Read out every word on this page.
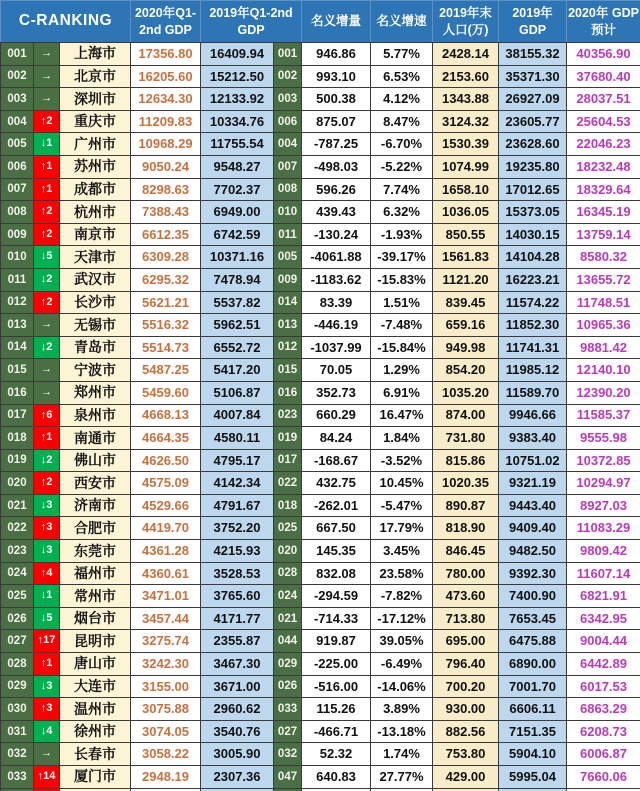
C-RANKING			2020年Q1-2nd GDP	2019年Q1-2nd GDP		名义增量	名义增速	2019年末 人口(万)	2019年 GDP	2020年 GDP预计
001	→	上海市	17356.80	16409.94	001	946.86	5.77%	2428.14	38155.32	40356.90
002	→	北京市	16205.60	15212.50	002	993.10	6.53%	2153.60	35371.30	37680.40
003	→	深圳市	12634.30	12133.92	003	500.38	4.12%	1343.88	26927.09	28037.51
004	↑2	重庆市	11209.83	10334.76	006	875.07	8.47%	3124.32	23605.77	25604.53
005	↓1	广州市	10968.29	11755.54	004	-787.25	-6.70%	1530.39	23628.60	22046.23
006	↑1	苏州市	9050.24	9548.27	007	-498.03	-5.22%	1074.99	19235.80	18232.48
007	↑1	成都市	8298.63	7702.37	008	596.26	7.74%	1658.10	17012.65	18329.64
008	↑2	杭州市	7388.43	6949.00	010	439.43	6.32%	1036.05	15373.05	16345.19
009	↑2	南京市	6612.35	6742.59	011	-130.24	-1.93%	850.55	14030.15	13759.14
010	↓5	天津市	6309.28	10371.16	005	-4061.88	-39.17%	1561.83	14104.28	8580.32
011	↓2	武汉市	6295.32	7478.94	009	-1183.62	-15.83%	1121.20	16223.21	13655.72
012	↑2	长沙市	5621.21	5537.82	014	83.39	1.51%	839.45	11574.22	11748.51
013	→	无锡市	5516.32	5962.51	013	-446.19	-7.48%	659.16	11852.30	10965.36
014	↓2	青岛市	5514.73	6552.72	012	-1037.99	-15.84%	949.98	11741.31	9881.42
015	→	宁波市	5487.25	5417.20	015	70.05	1.29%	854.20	11985.12	12140.10
016	→	郑州市	5459.60	5106.87	016	352.73	6.91%	1035.20	11589.70	12390.20
017	↑6	泉州市	4668.13	4007.84	023	660.29	16.47%	874.00	9946.66	11585.37
018	↑1	南通市	4664.35	4580.11	019	84.24	1.84%	731.80	9383.40	9555.98
019	↓2	佛山市	4626.50	4795.17	017	-168.67	-3.52%	815.86	10751.02	10372.85
020	↑2	西安市	4575.09	4142.34	022	432.75	10.45%	1020.35	9321.19	10294.97
021	↓3	济南市	4529.66	4791.67	018	-262.01	-5.47%	890.87	9443.40	8927.03
022	↑3	合肥市	4419.70	3752.20	025	667.50	17.79%	818.90	9409.40	11083.29
023	↓3	东莞市	4361.28	4215.93	020	145.35	3.45%	846.45	9482.50	9809.42
024	↑4	福州市	4360.61	3528.53	028	832.08	23.58%	780.00	9392.30	11607.14
025	↓1	常州市	3471.01	3765.60	024	-294.59	-7.82%	473.60	7400.90	6821.91
026	↓5	烟台市	3457.44	4171.77	021	-714.33	-17.12%	713.80	7653.45	6342.95
027	↑17	昆明市	3275.74	2355.87	044	919.87	39.05%	695.00	6475.88	9004.44
028	↑1	唐山市	3242.30	3467.30	029	-225.00	-6.49%	796.40	6890.00	6442.89
029	↓3	大连市	3155.00	3671.00	026	-516.00	-14.06%	700.20	7001.70	6017.53
030	↑3	温州市	3075.88	2960.62	033	115.26	3.89%	930.00	6606.11	6863.29
031	↓4	徐州市	3074.05	3540.76	027	-466.71	-13.18%	882.56	7151.35	6208.73
032	→	长春市	3058.22	3005.90	032	52.32	1.74%	753.80	5904.10	6006.87
033	↑14	厦门市	2948.19	2307.36	047	640.83	27.77%	429.00	5995.04	7660.06
